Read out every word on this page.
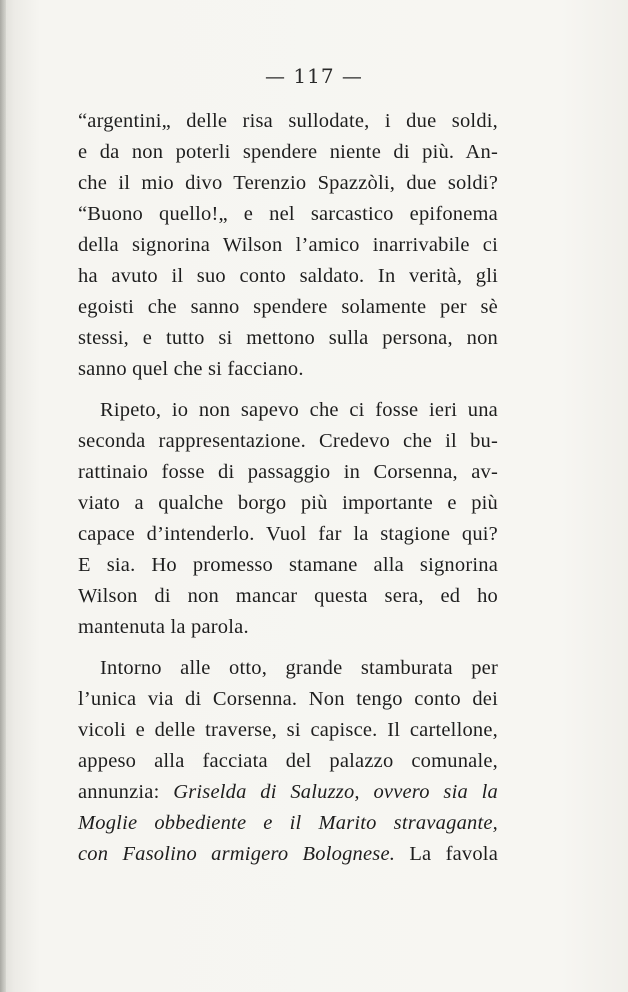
— 117 —
“argentini„ delle risa sullodate, i due soldi,
e da non poterli spendere niente di più. An-
che il mio divo Terenzio Spazzòli, due soldi?
“Buono quello!„ e nel sarcastico epifonema
della signorina Wilson l’amico inarrivabile ci
ha avuto il suo conto saldato. In verità, gli
egoisti che sanno spendere solamente per sè
stessi, e tutto si mettono sulla persona, non
sanno quel che si facciano.
Ripeto, io non sapevo che ci fosse ieri una
seconda rappresentazione. Credevo che il bu-
rattinaio fosse di passaggio in Corsenna, av-
viato a qualche borgo più importante e più
capace d’intenderlo. Vuol far la stagione qui?
E sia. Ho promesso stamane alla signorina
Wilson di non mancar questa sera, ed ho
mantenuta la parola.
Intorno alle otto, grande stamburata per
l’unica via di Corsenna. Non tengo conto dei
vicoli e delle traverse, si capisce. Il cartellone,
appeso alla facciata del palazzo comunale,
annunzia: Griselda di Saluzzo, ovvero sia la
Moglie obbediente e il Marito stravagante,
con Fasolino armigero Bolognese. La favola
